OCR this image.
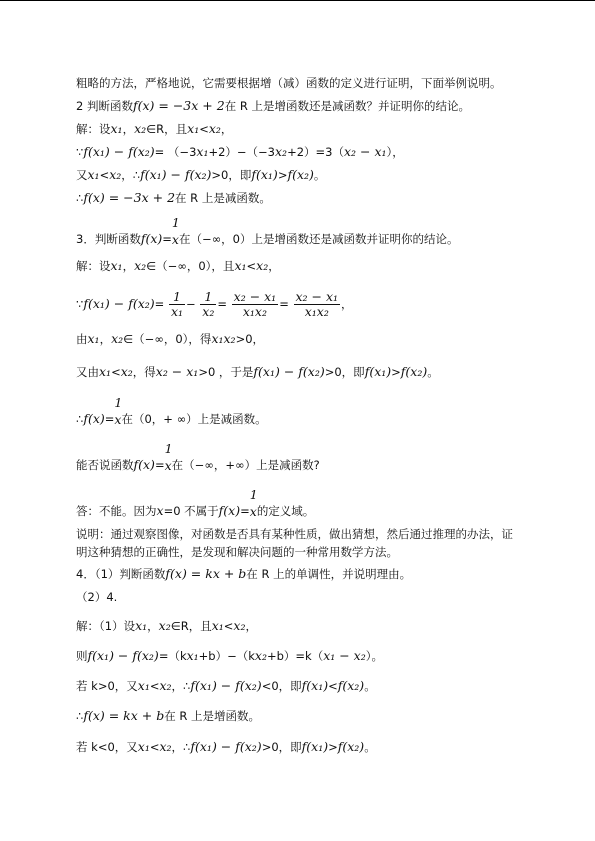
粗略的方法，严格地说，它需要根据增（减）函数的定义进行证明，下面举例说明。
2 判断函数f(x) = −3x + 2在 R 上是增函数还是减函数？并证明你的结论。
解：设x₁，x₂∈R，且x₁<x₂，
∵f(x₁) − f(x₂)= （−3x₁+2）−（−3x₂+2）=3（x₂ − x₁），
又x₁<x₂，∴f(x₁) − f(x₂)>0，即f(x₁)>f(x₂)。
∴f(x) = −3x + 2在 R 上是减函数。
3．判断函数f(x)=
1
x在（−∞，0）上是增函数还是减函数并证明你的结论。
解：设x₁，x₂∈（−∞，0），且x₁<x₂，
∵f(x₁) − $f(x_2)= \frac{1}{\text{x₁}} - \frac{1}{\text{x₂}} = \frac{\text{x₂ − x₁}}{\text{x₁x₂}} = \frac{\text{x₂ − x₁}}{\text{x₁x₂}}$ ，
由x₁，x₂∈（−∞，0），得x₁x₂>0，
又由x₁<x₂，得x₂ − x₁>0 ，于是f(x₁) − f(x₂)>0，即f(x₁)>f(x₂)。
∴f(x)=
1
x在（0，+ ∞）上是减函数。
能否说函数f(x)=
1
x在（−∞，+∞）上是减函数?
答：不能。因为x=0 不属于f(x)=
1
x的定义域。
说明：通过观察图像，对函数是否具有某种性质，做出猜想，然后通过推理的办法，证
明这种猜想的正确性，是发现和解决问题的一种常用数学方法。
4．（1）判断函数f(x) = kx + b在 R 上的单调性，并说明理由。
（2）4.
解：（1）设x₁，x₂∈R，且x₁<x₂，
则f(x₁) − f(x₂)=（kx₁+b）−（kx₂+b）=k（x₁ − x₂）。
若 k>0，又x₁<x₂，∴f(x₁) − f(x₂)<0，即f(x₁)<f(x₂)。
∴f(x) = kx + b在 R 上是增函数。
若 k<0，又x₁<x₂，∴f(x₁) − f(x₂)>0，即f(x₁)>f(x₂)。
